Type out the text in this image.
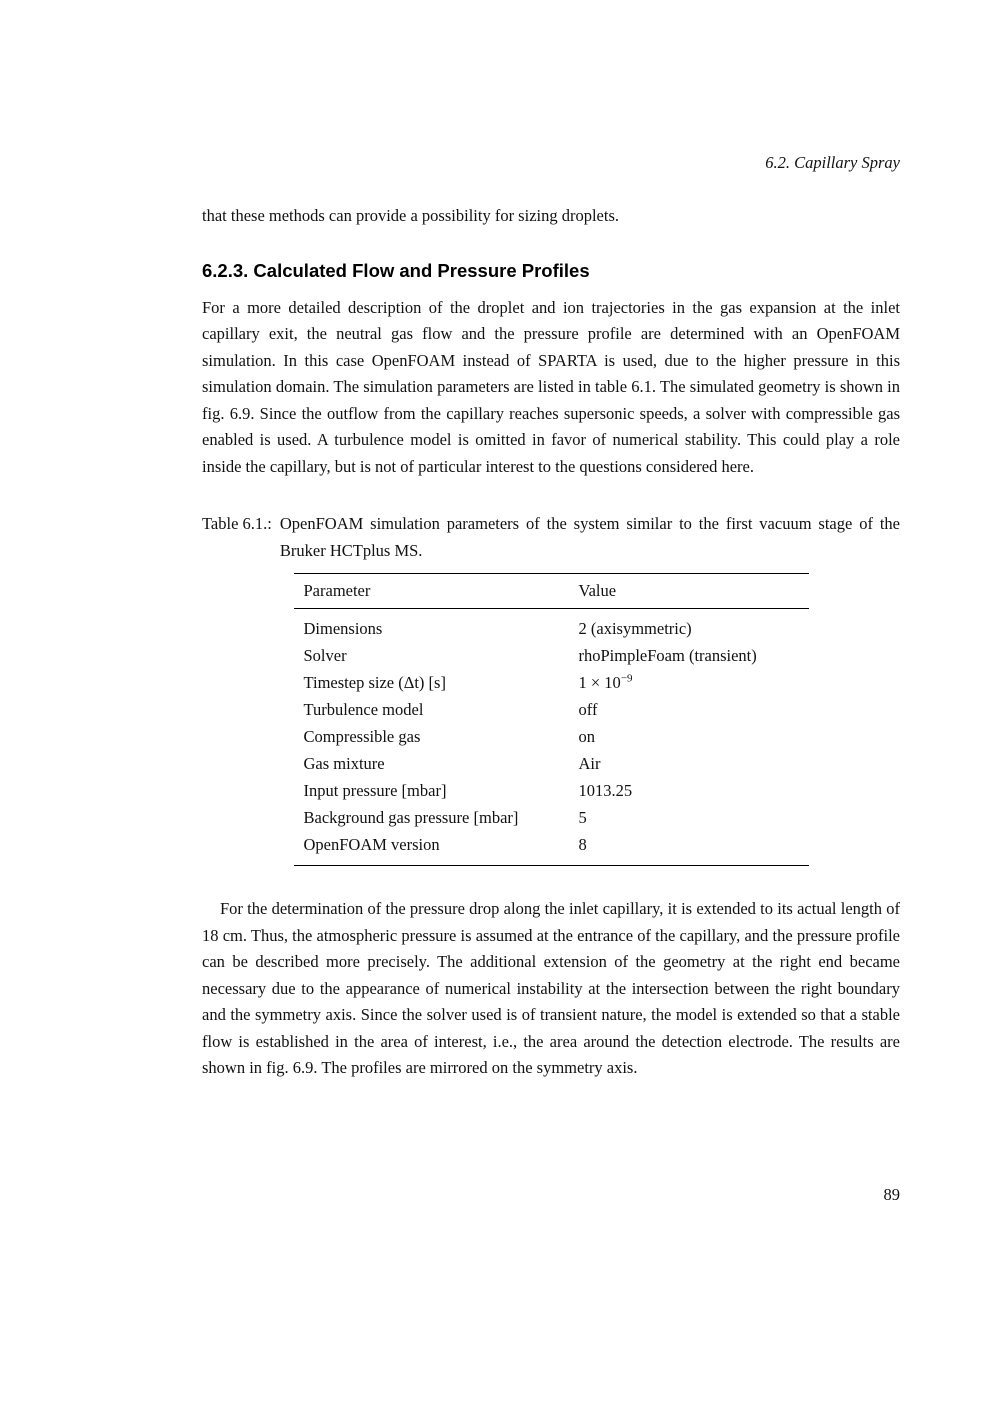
6.2. Capillary Spray

that these methods can provide a possibility for sizing droplets.

6.2.3. Calculated Flow and Pressure Profiles

For a more detailed description of the droplet and ion trajectories in the gas expansion at the inlet capillary exit, the neutral gas flow and the pressure profile are determined with an OpenFOAM simulation. In this case OpenFOAM instead of SPARTA is used, due to the higher pressure in this simulation domain. The simulation parameters are listed in table 6.1. The simulated geometry is shown in fig. 6.9. Since the outflow from the capillary reaches supersonic speeds, a solver with compressible gas enabled is used. A turbulence model is omitted in favor of numerical stability. This could play a role inside the capillary, but is not of particular interest to the questions considered here.

Table 6.1.: OpenFOAM simulation parameters of the system similar to the first vacuum stage of the Bruker HCTplus MS.
Parameter	Value
Dimensions	2 (axisymmetric)
Solver	rhoPimpleFoam (transient)
Timestep size (Δt) [s]	$1 \times 10^{-9}$
Turbulence model	off
Compressible gas	on
Gas mixture	Air
Input pressure [mbar]	1013.25
Background gas pressure [mbar]	5
OpenFOAM version	8

For the determination of the pressure drop along the inlet capillary, it is extended to its actual length of 18 cm. Thus, the atmospheric pressure is assumed at the entrance of the capillary, and the pressure profile can be described more precisely. The additional extension of the geometry at the right end became necessary due to the appearance of numerical instability at the intersection between the right boundary and the symmetry axis. Since the solver used is of transient nature, the model is extended so that a stable flow is established in the area of interest, i.e., the area around the detection electrode. The results are shown in fig. 6.9. The profiles are mirrored on the symmetry axis.

89
